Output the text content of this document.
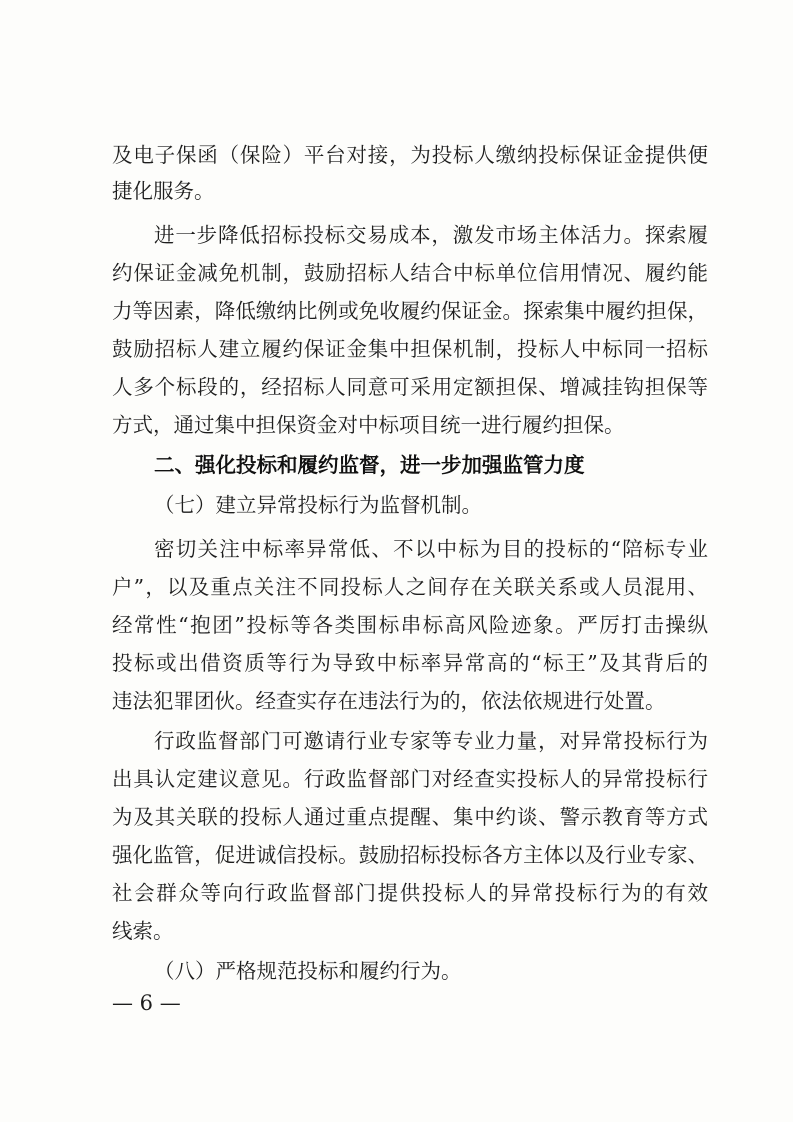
及电子保函（保险）平台对接，为投标人缴纳投标保证金提供便
捷化服务。
进一步降低招标投标交易成本，激发市场主体活力。探索履
约保证金减免机制，鼓励招标人结合中标单位信用情况、履约能
力等因素，降低缴纳比例或免收履约保证金。探索集中履约担保，
鼓励招标人建立履约保证金集中担保机制，投标人中标同一招标
人多个标段的，经招标人同意可采用定额担保、增减挂钩担保等
方式，通过集中担保资金对中标项目统一进行履约担保。
二、强化投标和履约监督，进一步加强监管力度
（七）建立异常投标行为监督机制。
密切关注中标率异常低、不以中标为目的投标的“陪标专业
户”，以及重点关注不同投标人之间存在关联关系或人员混用、
经常性“抱团”投标等各类围标串标高风险迹象。严厉打击操纵
投标或出借资质等行为导致中标率异常高的“标王”及其背后的
违法犯罪团伙。经查实存在违法行为的，依法依规进行处置。
行政监督部门可邀请行业专家等专业力量，对异常投标行为
出具认定建议意见。行政监督部门对经查实投标人的异常投标行
为及其关联的投标人通过重点提醒、集中约谈、警示教育等方式
强化监管，促进诚信投标。鼓励招标投标各方主体以及行业专家、
社会群众等向行政监督部门提供投标人的异常投标行为的有效
线索。
（八）严格规范投标和履约行为。
— 6 —
